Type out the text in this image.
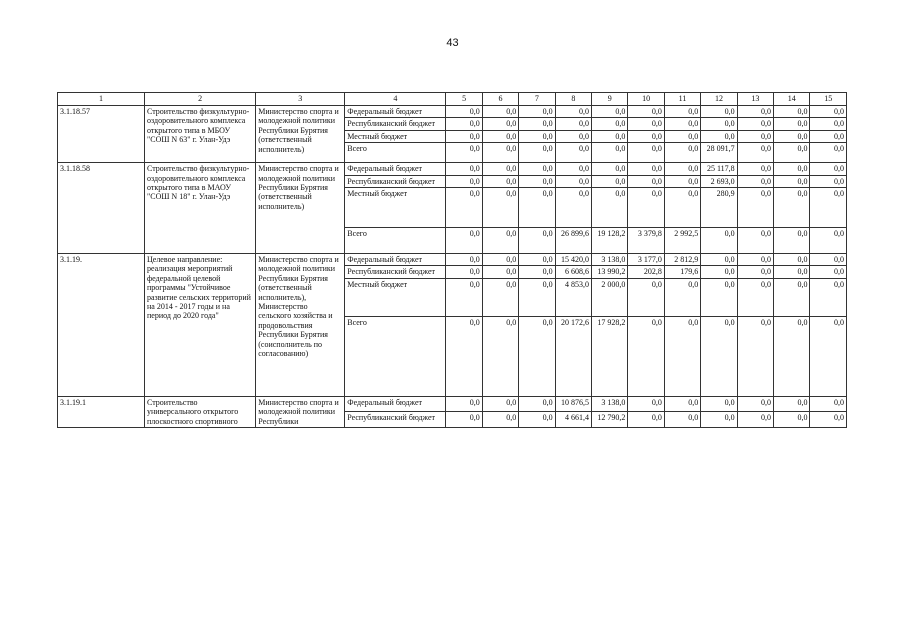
43
1	2	3	4	5	6	7	8	9	10	11	12	13	14	15
3.1.18.57	Строительство физкультурно-оздоровительного комплекса открытого типа в МБОУ "СОШ N 63" г. Улан-Удэ	Министерство спорта и молодежной политики Республики Бурятия (ответственный исполнитель)	Федеральный бюджет	0,0	0,0	0,0	0,0	0,0	0,0	0,0	0,0	0,0	0,0	0,0
			Республиканский бюджет	0,0	0,0	0,0	0,0	0,0	0,0	0,0	0,0	0,0	0,0	0,0
			Местный бюджет	0,0	0,0	0,0	0,0	0,0	0,0	0,0	0,0	0,0	0,0	0,0
			Всего	0,0	0,0	0,0	0,0	0,0	0,0	0,0	28 091,7	0,0	0,0	0,0
3.1.18.58	Строительство физкультурно-оздоровительного комплекса открытого типа в МАОУ "СОШ N 18" г. Улан-Удэ	Министерство спорта и молодежной политики Республики Бурятия (ответственный исполнитель)	Федеральный бюджет	0,0	0,0	0,0	0,0	0,0	0,0	0,0	25 117,8	0,0	0,0	0,0
			Республиканский бюджет	0,0	0,0	0,0	0,0	0,0	0,0	0,0	2 693,0	0,0	0,0	0,0
			Местный бюджет	0,0	0,0	0,0	0,0	0,0	0,0	0,0	280,9	0,0	0,0	0,0
			Всего	0,0	0,0	0,0	26 899,6	19 128,2	3 379,8	2 992,5	0,0	0,0	0,0	0,0
3.1.19.	Целевое направление: реализация мероприятий федеральной целевой программы "Устойчивое развитие сельских территорий на 2014 - 2017 годы и на период до 2020 года"	Министерство спорта и молодежной политики Республики Бурятия (ответственный исполнитель), Министерство сельского хозяйства и продовольствия Республики Бурятия (соисполнитель по согласованию)	Федеральный бюджет	0,0	0,0	0,0	15 420,0	3 138,0	3 177,0	2 812,9	0,0	0,0	0,0	0,0
			Республиканский бюджет	0,0	0,0	0,0	6 608,6	13 990,2	202,8	179,6	0,0	0,0	0,0	0,0
			Местный бюджет	0,0	0,0	0,0	4 853,0	2 000,0	0,0	0,0	0,0	0,0	0,0	0,0
			Всего	0,0	0,0	0,0	20 172,6	17 928,2	0,0	0,0	0,0	0,0	0,0	0,0
3.1.19.1	Строительство универсального открытого плоскостного спортивного	Министерство спорта и молодежной политики Республики	Федеральный бюджет	0,0	0,0	0,0	10 876,5	3 138,0	0,0	0,0	0,0	0,0	0,0	0,0
			Республиканский бюджет	0,0	0,0	0,0	4 661,4	12 790,2	0,0	0,0	0,0	0,0	0,0	0,0
